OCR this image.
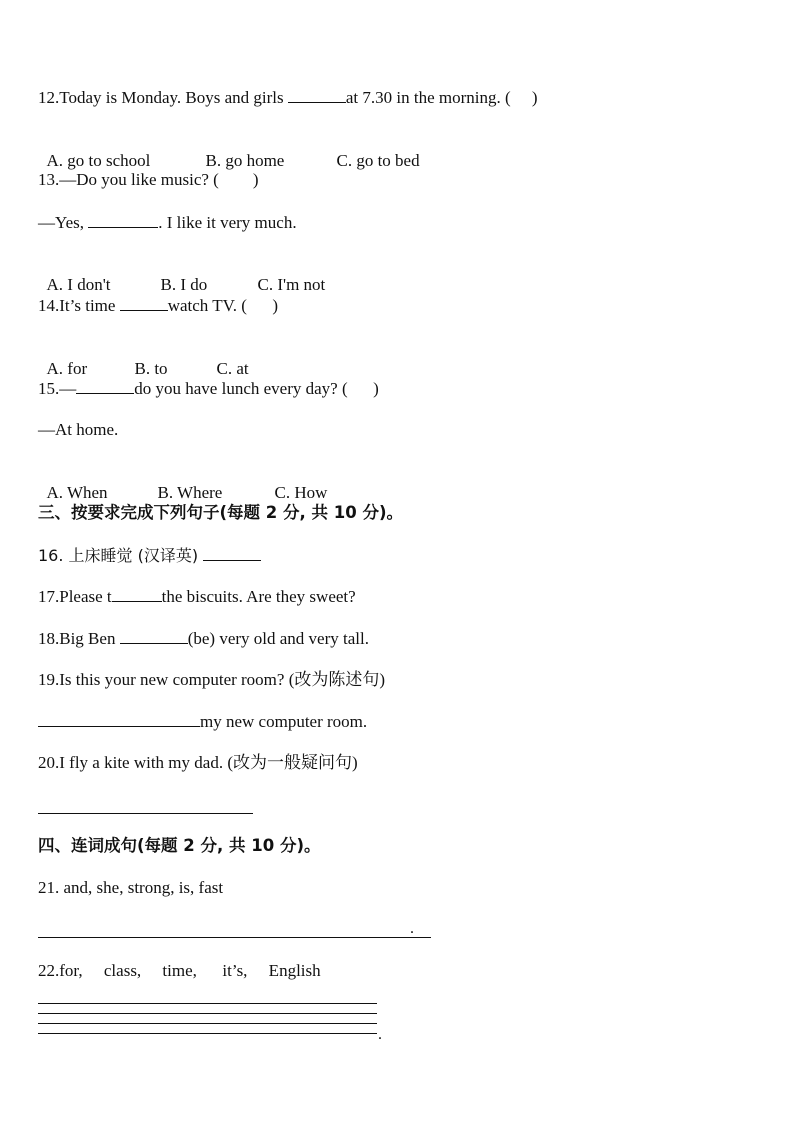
12.Today is Monday. Boys and girls	at 7.30 in the morning. (     )

A. go to school	B. go home	C. go to bed

13.—Do you like music? (        )
—Yes,	. I like it very much.

A. I don't	B. I do	C. I'm not

14.It’s time	watch TV. (      )

A. for	B. to	C. at

15.—	do you have lunch every day? (      )
—At home.

A. When	B. Where	C. How

三、按要求完成下列句子(每题 2 分, 共 10 分)。
16. 上床睡觉 (汉译英)
17.Please t	the biscuits. Are they sweet?
18.Big Ben	(be) very old and very tall.
19.Is this your new computer room? (改为陈述句)
my new computer room.
20.I fly a kite with my dad. (改为一般疑问句)
四、连词成句(每题 2 分, 共 10 分)。
21. and, she, strong, is, fast
.
22.for,     class,     time,      it’s,     English
.
